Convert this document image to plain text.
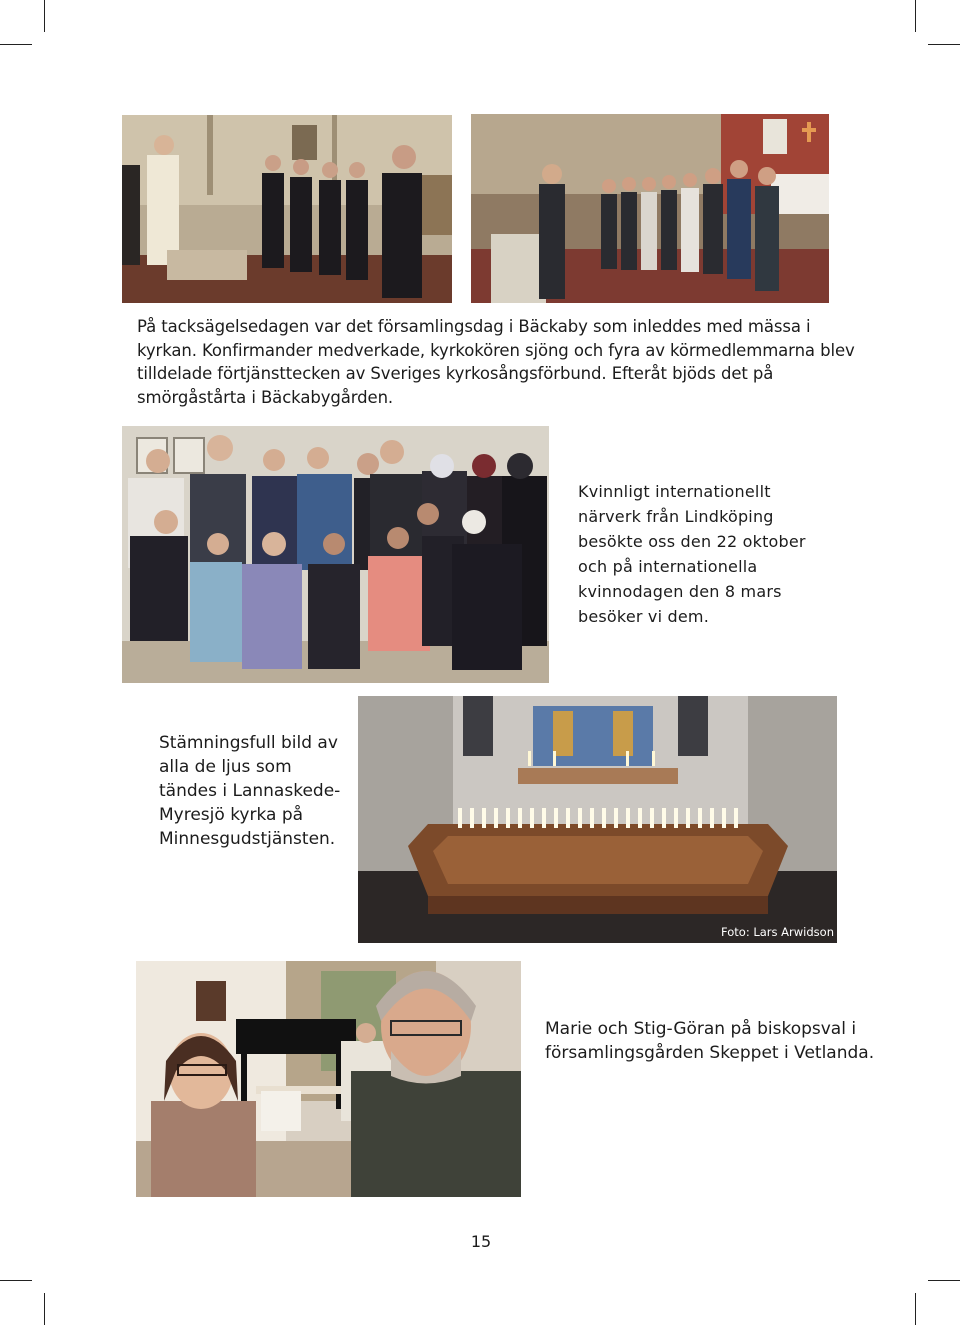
På tacksägelsedagen var det församlingsdag i Bäckaby som inleddes med mässa i kyrkan. Konfirmander medverkade, kyrkokören sjöng och fyra av körmedlemmarna blev tilldelade förtjänsttecken av Sveriges kyrkosångsförbund. Efteråt bjöds det på smörgåstårta i Bäckabygården.

Kvinnligt internationellt närverk från Lindköping besökte oss den 22 oktober och på internationella kvinnodagen den 8 mars besöker vi dem.

Foto: Lars Arwidson

Stämningsfull bild av alla de ljus som tändes i Lannaskede-Myresjö kyrka på Minnesgudstjänsten.

Marie och Stig-Göran på biskopsval i församlingsgården Skeppet i Vetlanda.

15
